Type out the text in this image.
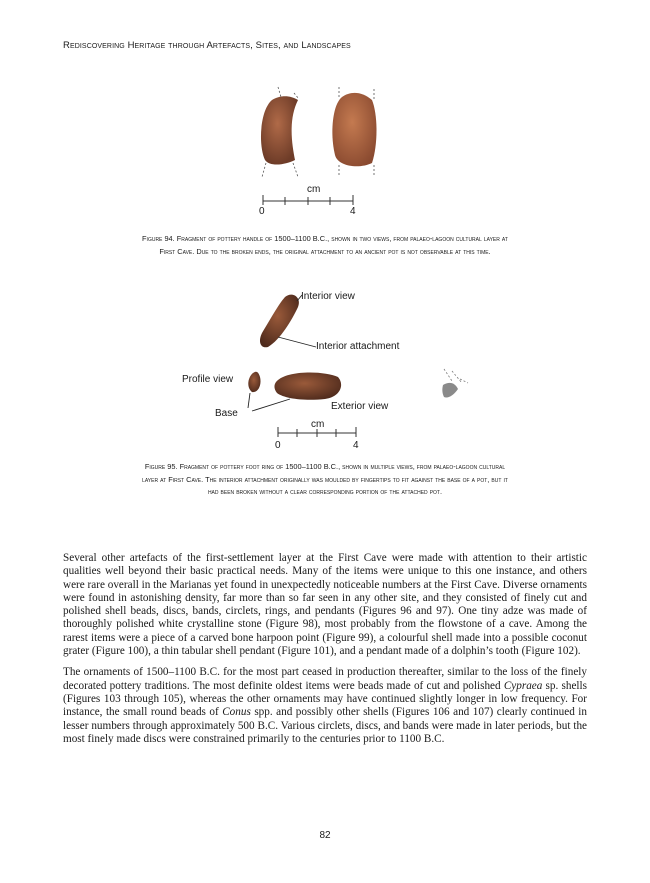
Rediscovering Heritage through Artefacts, Sites, and Landscapes
cm
0	4
Figure 94. Fragment of pottery handle of 1500–1100 B.C., shown in two views, from palaeo-lagoon cultural layer at
First Cave. Due to the broken ends, the original attachment to an ancient pot is not observable at this time.
Interior view
Interior attachment
Profile view
Exterior view
Base
cm
0	4
Figure 95. Fragment of pottery foot ring of 1500–1100 B.C., shown in multiple views, from palaeo-lagoon cultural
layer at First Cave. The interior attachment originally was moulded by fingertips to fit against the base of a pot, but it
had been broken without a clear corresponding portion of the attached pot.

Several other artefacts of the first-settlement layer at the First Cave were made with attention to their artistic qualities well beyond their basic practical needs. Many of the items were unique to this one instance, and others were rare overall in the Marianas yet found in unexpectedly noticeable numbers at the First Cave. Diverse ornaments were found in astonishing density, far more than so far seen in any other site, and they consisted of finely cut and polished shell beads, discs, bands, circlets, rings, and pendants (Figures 96 and 97). One tiny adze was made of thoroughly polished white crystalline stone (Figure 98), most probably from the flowstone of a cave. Among the rarest items were a piece of a carved bone harpoon point (Figure 99), a colourful shell made into a possible coconut grater (Figure 100), a thin tabular shell pendant (Figure 101), and a pendant made of a dolphin’s tooth (Figure 102).

The ornaments of 1500–1100 B.C. for the most part ceased in production thereafter, similar to the loss of the finely decorated pottery traditions. The most definite oldest items were beads made of cut and polished Cypraea sp. shells (Figures 103 through 105), whereas the other ornaments may have continued slightly longer in low frequency. For instance, the small round beads of Conus spp. and possibly other shells (Figures 106 and 107) clearly continued in lesser numbers through approximately 500 B.C. Various circlets, discs, and bands were made in later periods, but the most finely made discs were constrained primarily to the centuries prior to 1100 B.C.

82
